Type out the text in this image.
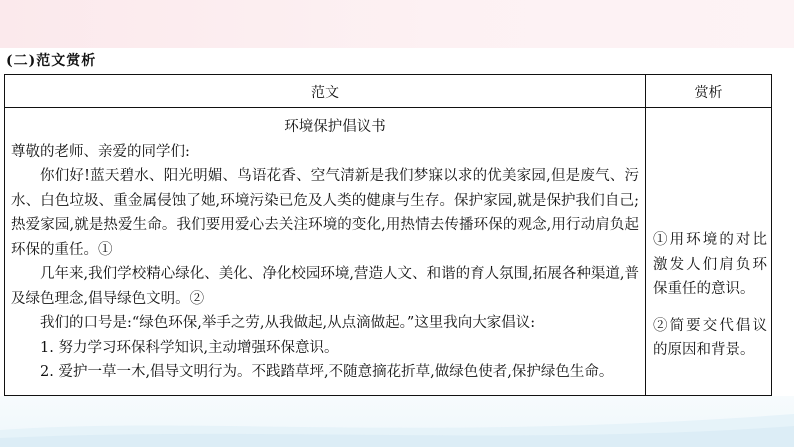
(二)范文赏析
范文	赏析

环境保护倡议书

尊敬的老师、亲爱的同学们:

你们好!蓝天碧水、阳光明媚、鸟语花香、空气清新是我们梦寐以求的优美家园,但是废气、污水、白色垃圾、重金属侵蚀了她,环境污染已危及人类的健康与生存。保护家园,就是保护我们自己;热爱家园,就是热爱生命。我们要用爱心去关注环境的变化,用热情去传播环保的观念,用行动肩负起环保的重任。①

几年来,我们学校精心绿化、美化、净化校园环境,营造人文、和谐的育人氛围,拓展各种渠道,普及绿色理念,倡导绿色文明。②

我们的口号是:“绿色环保,举手之劳,从我做起,从点滴做起。”这里我向大家倡议:

1. 努力学习环保科学知识,主动增强环保意识。

2. 爱护一草一木,倡导文明行为。不践踏草坪,不随意摘花折草,做绿色使者,保护绿色生命。

①用环境的对比激发人们肩负环保重任的意识。

②简要交代倡议的原因和背景。
